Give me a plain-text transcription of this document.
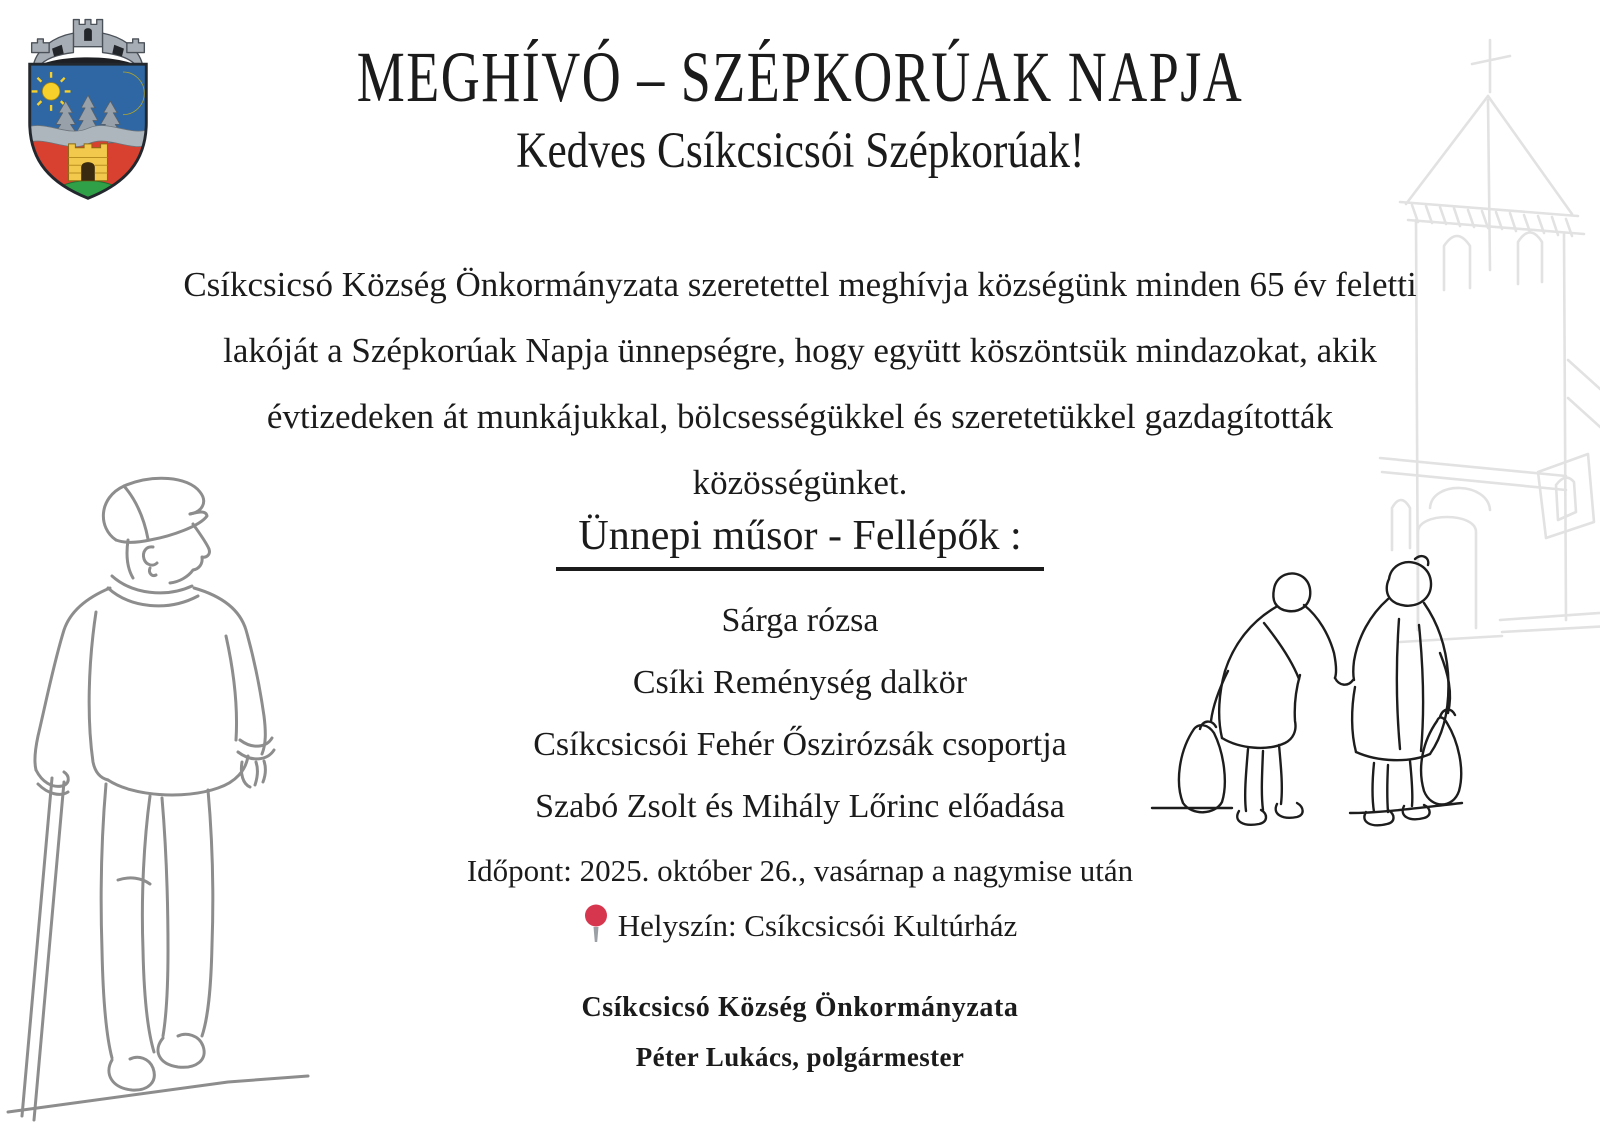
MEGHÍVÓ – SZÉPKORÚAK NAPJA
Kedves Csíkcsicsói Szépkorúak!
Csíkcsicsó Község Önkormányzata szeretettel meghívja községünk minden 65 év feletti
lakóját a Szépkorúak Napja ünnepségre, hogy együtt köszöntsük mindazokat, akik
évtizedeken át munkájukkal, bölcsességükkel és szeretetükkel gazdagították
közösségünket.
Ünnepi műsor - Fellépők :
Sárga rózsa
Csíki Reménység dalkör
Csíkcsicsói Fehér Őszirózsák csoportja
Szabó Zsolt és Mihály Lőrinc előadása
Időpont: 2025. október 26., vasárnap a nagymise után
Helyszín: Csíkcsicsói Kultúrház
Csíkcsicsó Község Önkormányzata
Péter Lukács, polgármester
